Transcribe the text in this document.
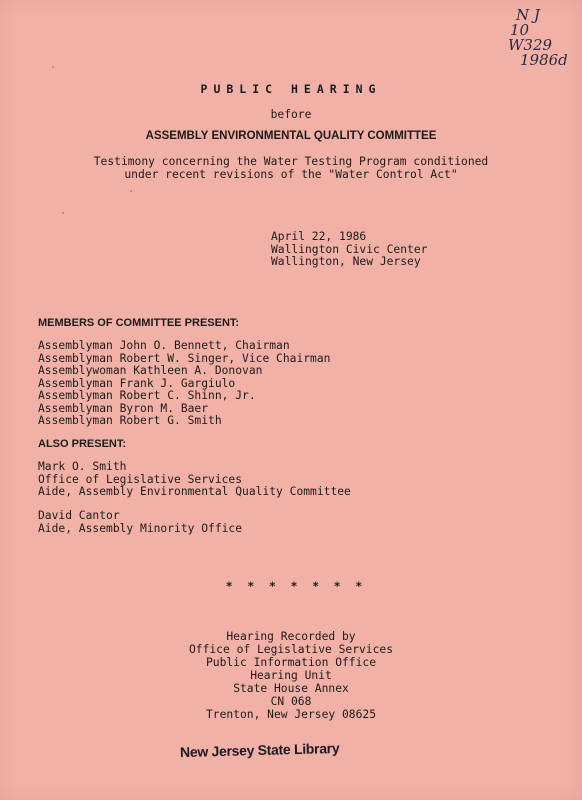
N J
10
W329
1986d
PUBLIC HEARING
before
ASSEMBLY ENVIRONMENTAL QUALITY COMMITTEE
Testimony concerning the Water Testing Program conditioned
under recent revisions of the "Water Control Act"
April 22, 1986
Wallington Civic Center
Wallington, New Jersey
MEMBERS OF COMMITTEE PRESENT:
Assemblyman John O. Bennett, Chairman
Assemblyman Robert W. Singer, Vice Chairman
Assemblywoman Kathleen A. Donovan
Assemblyman Frank J. Gargiulo
Assemblyman Robert C. Shinn, Jr.
Assemblyman Byron M. Baer
Assemblyman Robert G. Smith
ALSO PRESENT:
Mark O. Smith
Office of Legislative Services
Aide, Assembly Environmental Quality Committee
David Cantor
Aide, Assembly Minority Office
* * * * * * *
Hearing Recorded by
Office of Legislative Services
Public Information Office
Hearing Unit
State House Annex
CN 068
Trenton, New Jersey 08625
New Jersey State Library
